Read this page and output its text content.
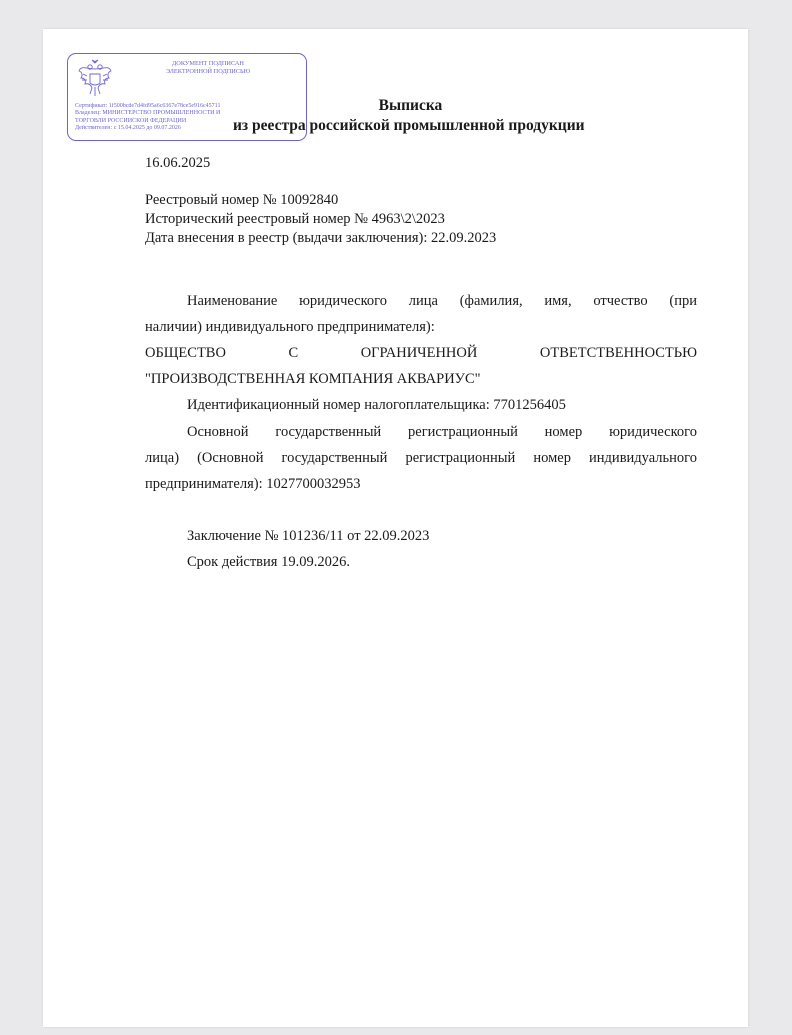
ДОКУМЕНТ ПОДПИСАН
ЭЛЕКТРОННОЙ ПОДПИСЬЮ
Сертификат: 1f500bcde7d4fd95a6c6367e78ce5e916c45711
Владелец: МИНИСТЕРСТВО ПРОМЫШЛЕННОСТИ И
ТОРГОВЛИ РОССИЙСКОЙ ФЕДЕРАЦИИ
Действителен: с 15.04.2025 до 09.07.2026
Выписка
из реестра российской промышленной продукции
16.06.2025
Реестровый номер № 10092840
Исторический реестровый номер № 4963\2\2023
Дата внесения в реестр (выдачи заключения): 22.09.2023
Наименование юридического лица (фамилия, имя, отчество (при
наличии) индивидуального предпринимателя):
ОБЩЕСТВО С ОГРАНИЧЕННОЙ ОТВЕТСТВЕННОСТЬЮ
"ПРОИЗВОДСТВЕННАЯ КОМПАНИЯ АКВАРИУС"
Идентификационный номер налогоплательщика: 7701256405
Основной государственный регистрационный номер юридического
лица) (Основной государственный регистрационный номер индивидуального
предпринимателя): 1027700032953
Заключение № 101236/11 от 22.09.2023
Срок действия 19.09.2026.
